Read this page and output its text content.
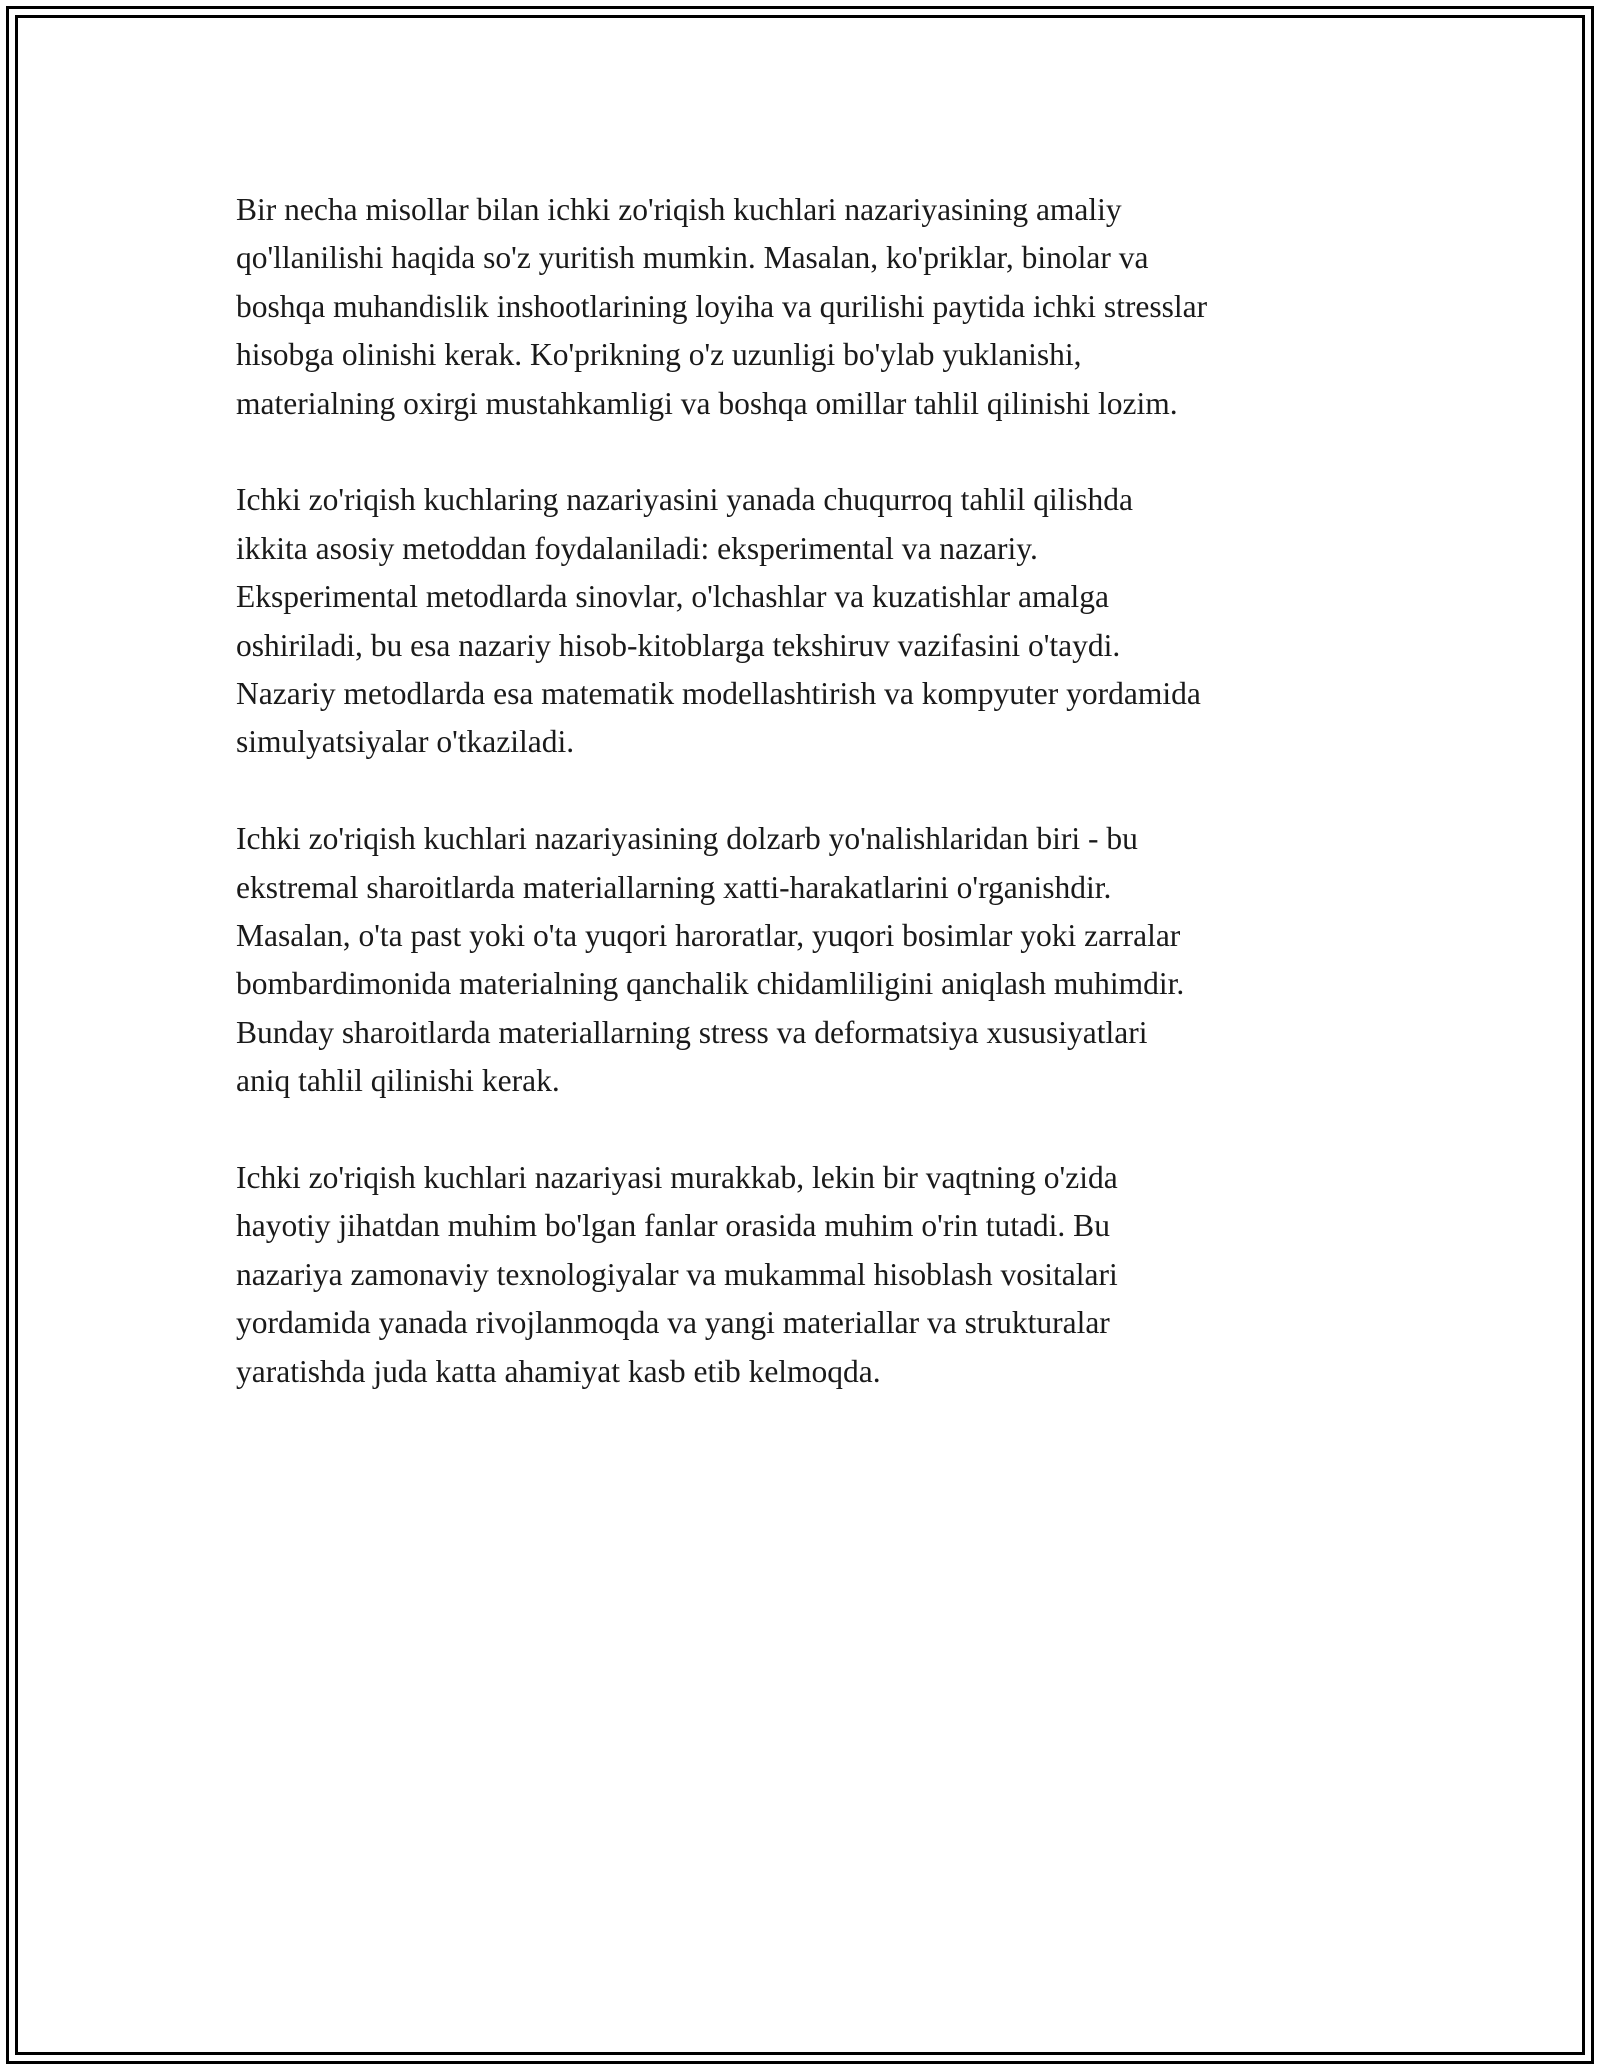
Bir necha misollar bilan ichki zo'riqish kuchlari nazariyasining amaliy
qo'llanilishi haqida so'z yuritish mumkin. Masalan, ko'priklar, binolar va
boshqa muhandislik inshootlarining loyiha va qurilishi paytida ichki stresslar
hisobga olinishi kerak. Ko'prikning o'z uzunligi bo'ylab yuklanishi,
materialning oxirgi mustahkamligi va boshqa omillar tahlil qilinishi lozim.

Ichki zo'riqish kuchlaring nazariyasini yanada chuqurroq tahlil qilishda
ikkita asosiy metoddan foydalaniladi: eksperimental va nazariy.
Eksperimental metodlarda sinovlar, o'lchashlar va kuzatishlar amalga
oshiriladi, bu esa nazariy hisob-kitoblarga tekshiruv vazifasini o'taydi.
Nazariy metodlarda esa matematik modellashtirish va kompyuter yordamida
simulyatsiyalar o'tkaziladi.

Ichki zo'riqish kuchlari nazariyasining dolzarb yo'nalishlaridan biri - bu
ekstremal sharoitlarda materiallarning xatti-harakatlarini o'rganishdir.
Masalan, o'ta past yoki o'ta yuqori haroratlar, yuqori bosimlar yoki zarralar
bombardimonida materialning qanchalik chidamliligini aniqlash muhimdir.
Bunday sharoitlarda materiallarning stress va deformatsiya xususiyatlari
aniq tahlil qilinishi kerak.

Ichki zo'riqish kuchlari nazariyasi murakkab, lekin bir vaqtning o'zida
hayotiy jihatdan muhim bo'lgan fanlar orasida muhim o'rin tutadi. Bu
nazariya zamonaviy texnologiyalar va mukammal hisoblash vositalari
yordamida yanada rivojlanmoqda va yangi materiallar va strukturalar
yaratishda juda katta ahamiyat kasb etib kelmoqda.
